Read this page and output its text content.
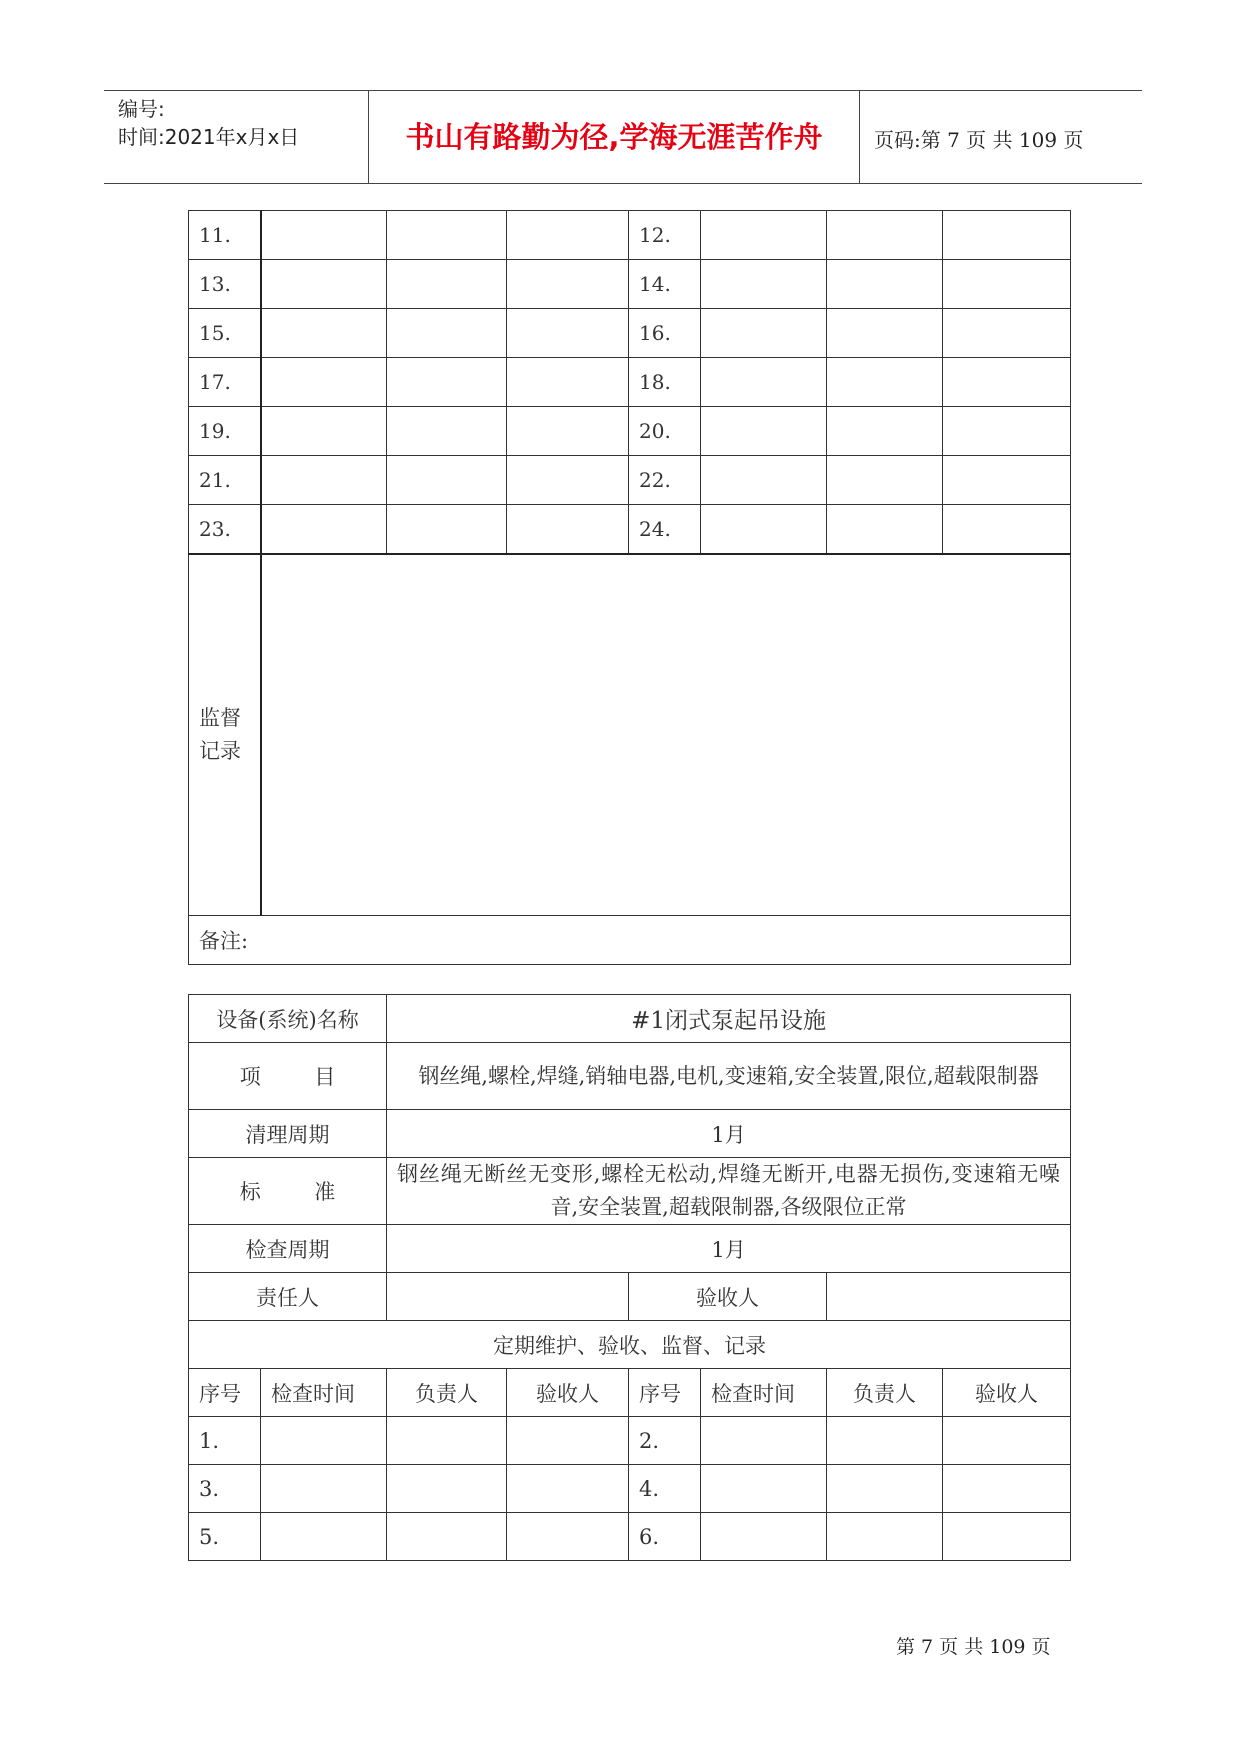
编号:
时间:2021年x月x日	书山有路勤为径,学海无涯苦作舟	页码:第 7 页 共 109 页
11.				12.			
13.				14.			
15.				16.			
17.				18.			
19.				20.			
21.				22.			
23.				24.			
监督记录							
备注:							
设备(系统)名称		#1闭式泵起吊设施					
项        目		钢丝绳,螺栓,焊缝,销轴电器,电机,变速箱,安全装置,限位,超载限制器					
清理周期		1月					
标        准		钢丝绳无断丝无变形,螺栓无松动,焊缝无断开,电器无损伤,变速箱无噪音,安全装置,超载限制器,各级限位正常					
检查周期		1月					
责任人				验收人			
定期维护、验收、监督、记录							
序号	检查时间	负责人	验收人	序号	检查时间	负责人	验收人
1.				2.			
3.				4.			
5.				6.			
第 7 页 共 109 页
